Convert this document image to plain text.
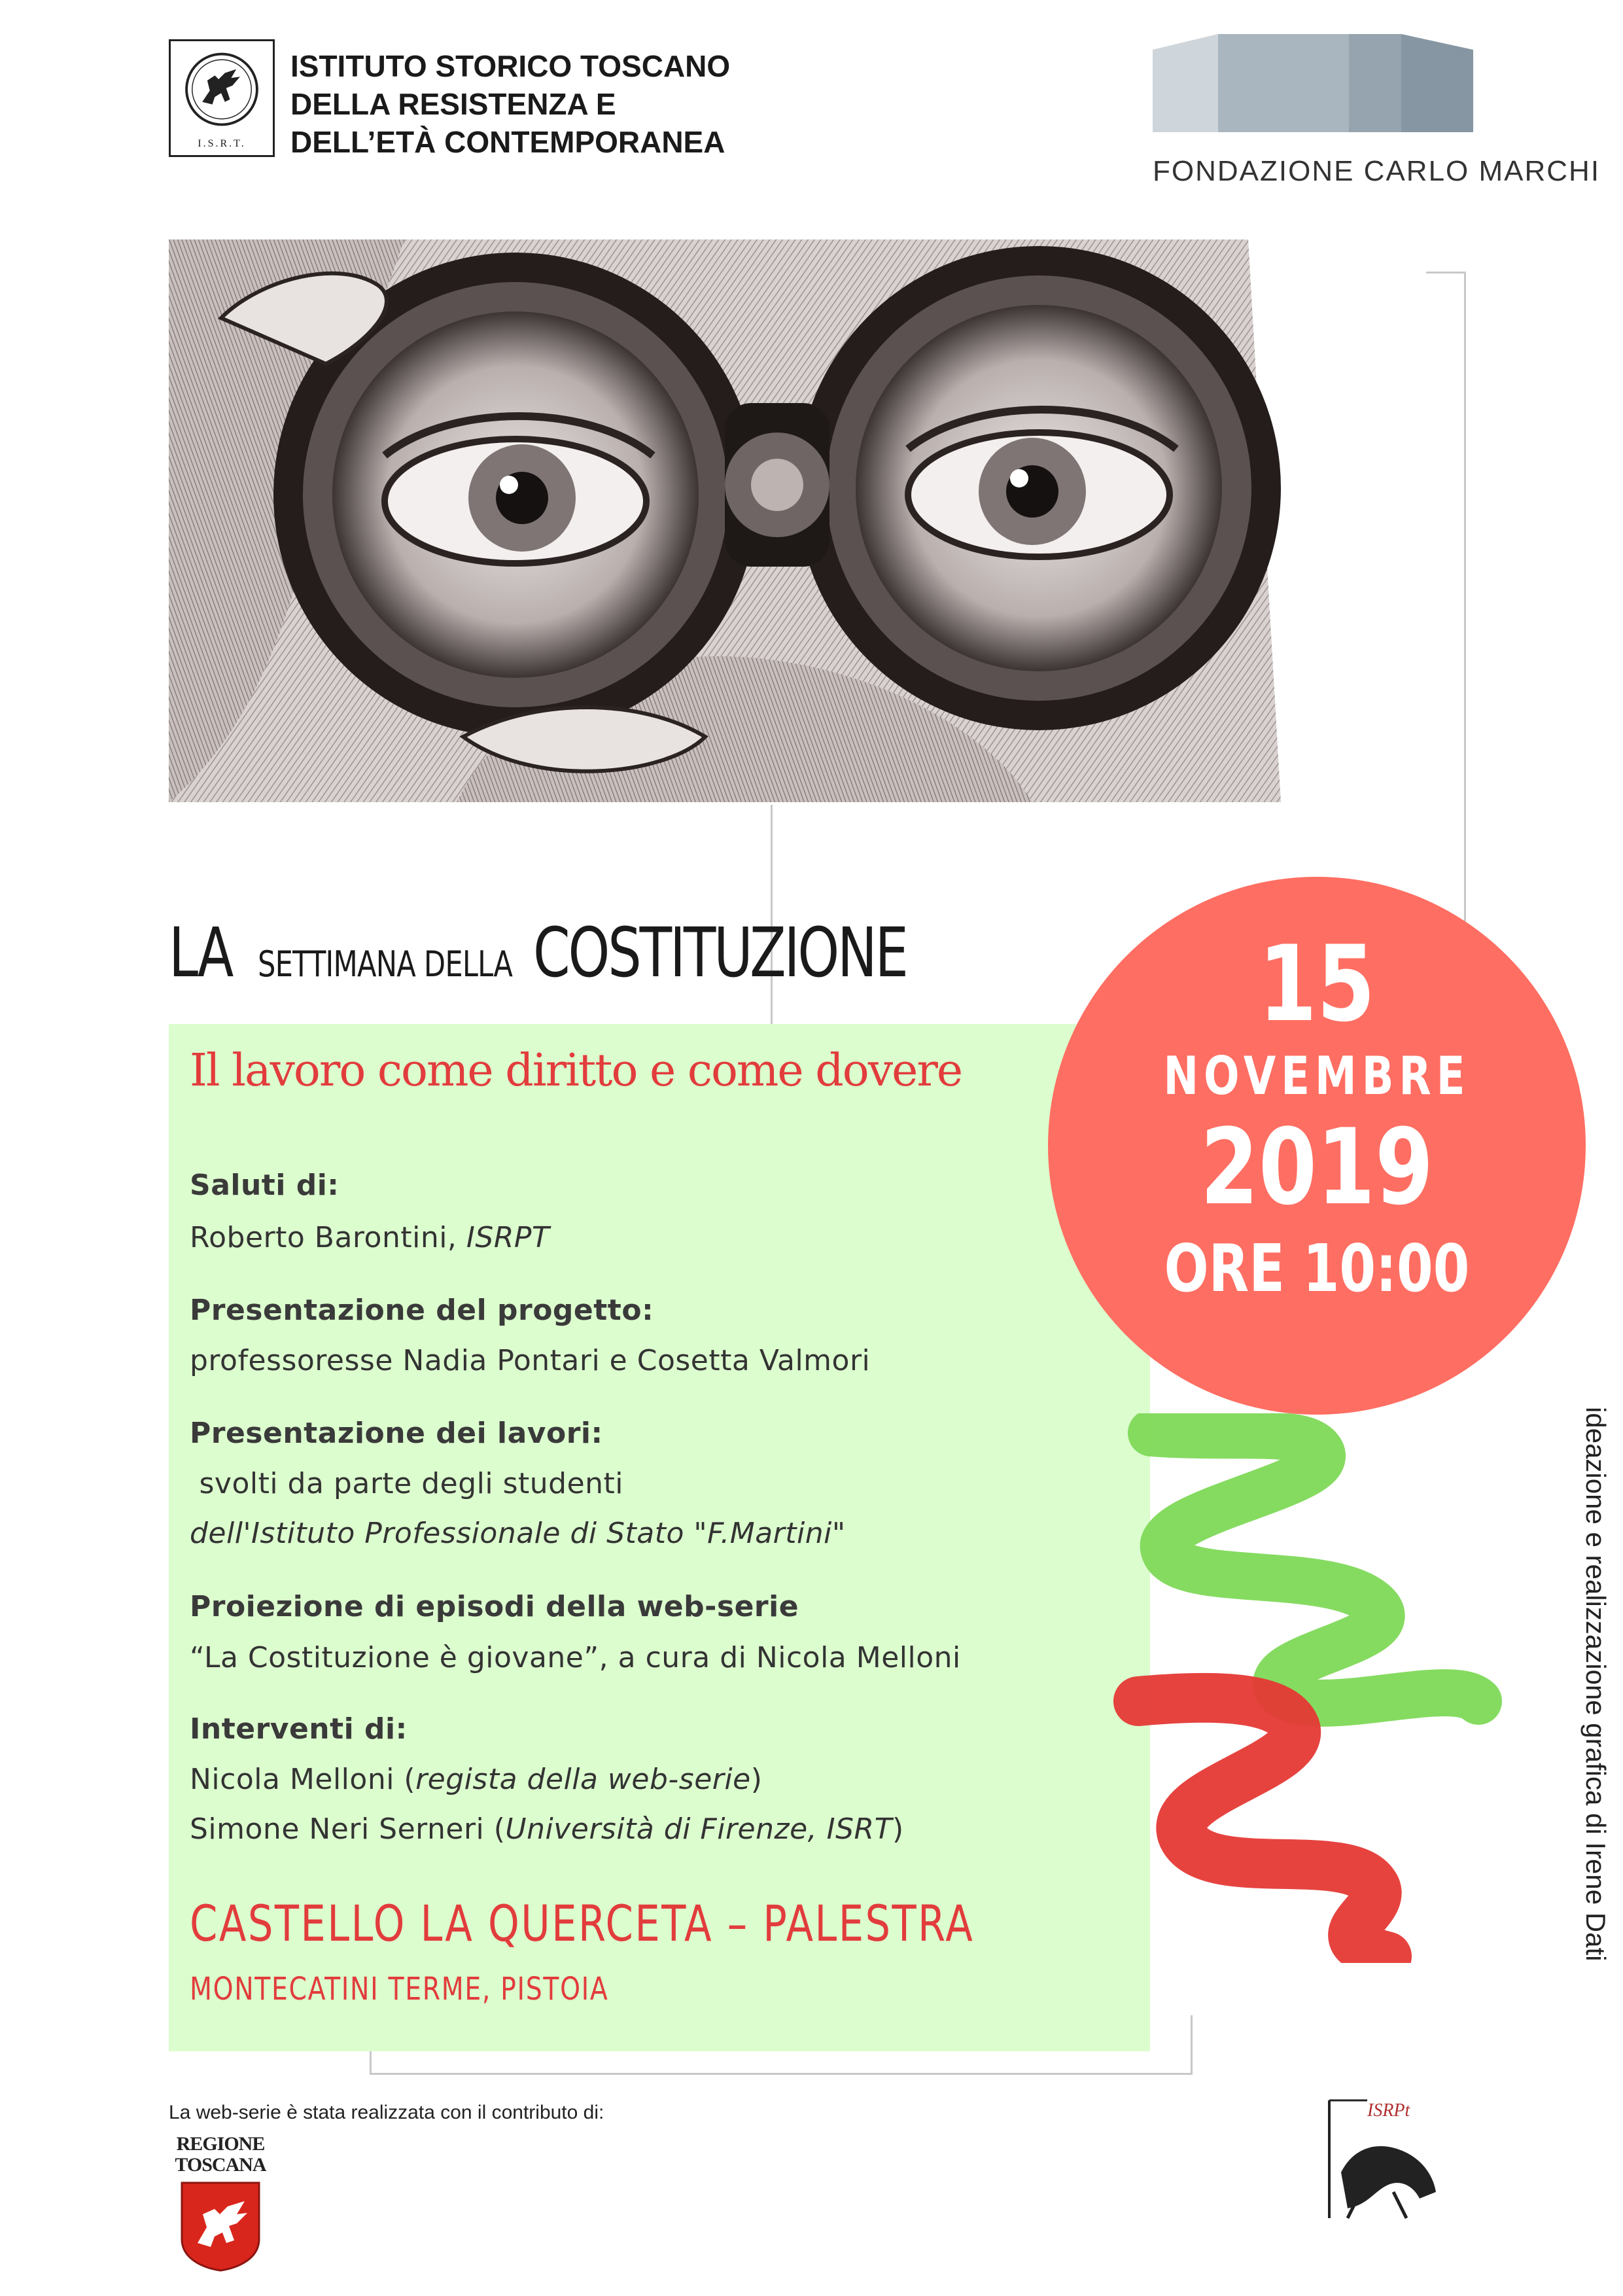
I.S.R.T.
ISTITUTO STORICO TOSCANO
DELLA RESISTENZA E
DELL’ETÀ CONTEMPORANEA
FONDAZIONE CARLO MARCHI
LA SETTIMANA DELLA COSTITUZIONE
Il lavoro come diritto e come dovere
Saluti di:
Roberto Barontini, ISRPT
Presentazione del progetto:
professoresse Nadia Pontari e Cosetta Valmori
Presentazione dei lavori:
svolti da parte degli studenti
dell'Istituto Professionale di Stato "F.Martini"
Proiezione di episodi della web-serie
“La Costituzione è giovane”, a cura di Nicola Melloni
Interventi di:
Nicola Melloni (regista della web-serie)
Simone Neri Serneri (Università di Firenze, ISRT)
CASTELLO LA QUERCETA – PALESTRA
MONTECATINI TERME, PISTOIA
15
NOVEMBRE
2019
ORE 10:00
ideazione e realizzazione grafica di Irene Dati
La web-serie è stata realizzata con il contributo di:
REGIONE
TOSCANA
ISRPt
